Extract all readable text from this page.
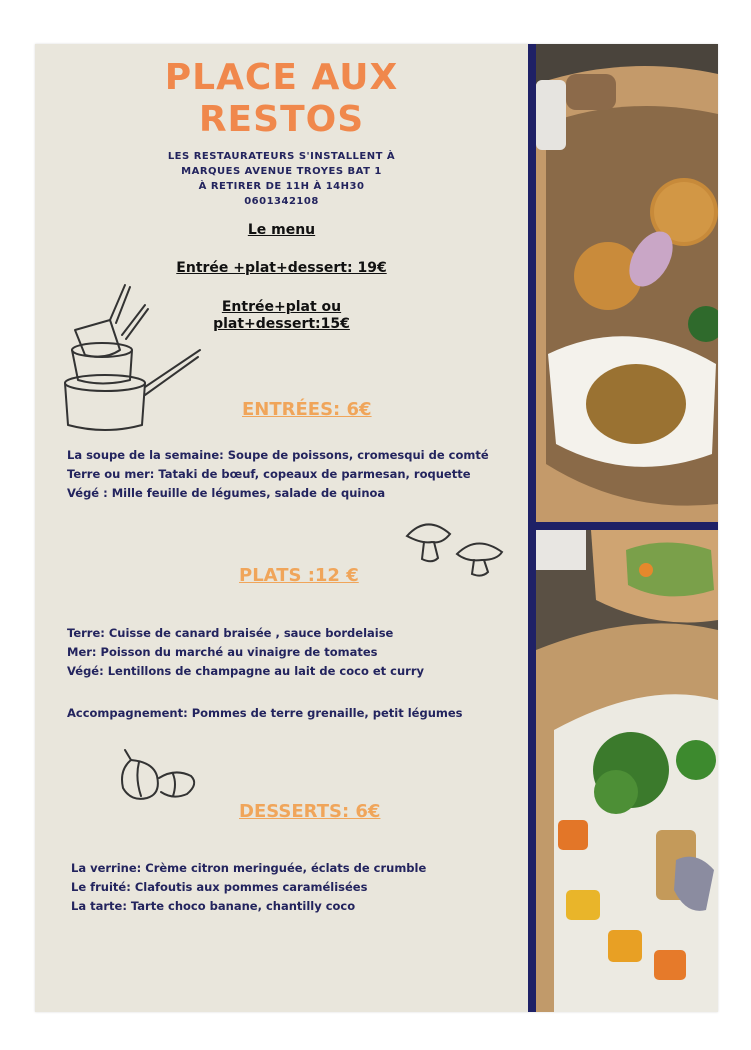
PLACE AUX
RESTOS
LES RESTAURATEURS S'INSTALLENT À
MARQUES AVENUE TROYES BAT 1
À RETIRER DE 11H À 14H30
0601342108
Le menu
Entrée +plat+dessert: 19€
Entrée+plat ou
plat+dessert:15€
ENTRÉES: 6€
La soupe de la semaine: Soupe de poissons, cromesqui de comté
Terre ou mer: Tataki de bœuf, copeaux de parmesan, roquette
Végé : Mille feuille de légumes, salade de quinoa
PLATS :12 €
Terre: Cuisse de canard braisée , sauce bordelaise
Mer: Poisson du marché au vinaigre de tomates
Végé: Lentillons de champagne au lait de coco et curry
Accompagnement: Pommes de terre grenaille, petit légumes
DESSERTS: 6€
La verrine: Crème citron meringuée, éclats de crumble
Le fruité: Clafoutis aux pommes caramélisées
La tarte: Tarte choco banane, chantilly coco
